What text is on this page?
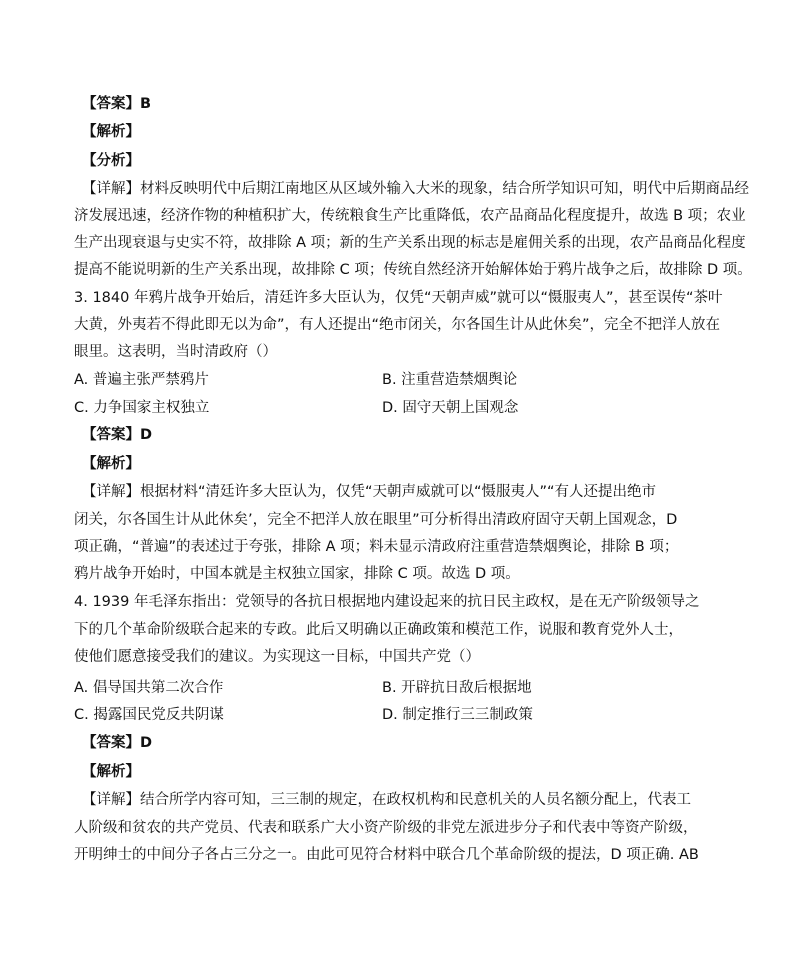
【答案】B
【解析】
【分析】
【详解】材料反映明代中后期江南地区从区域外输入大米的现象，结合所学知识可知，明代中后期商品经
济发展迅速，经济作物的种植积扩大，传统粮食生产比重降低，农产品商品化程度提升，故选 B 项；农业
生产出现衰退与史实不符，故排除 A 项；新的生产关系出现的标志是雇佣关系的出现，农产品商品化程度
提高不能说明新的生产关系出现，故排除 C 项；传统自然经济开始解体始于鸦片战争之后，故排除 D 项。
3. 1840 年鸦片战争开始后，清廷许多大臣认为，仅凭“天朝声威”就可以“慑服夷人”，甚至误传“茶叶
大黄，外夷若不得此即无以为命”，有人还提出“绝市闭关，尔各国生计从此休矣”，完全不把洋人放在
眼里。这表明，当时清政府（）
A. 普遍主张严禁鸦片	B. 注重营造禁烟舆论
C. 力争国家主权独立	D. 固守天朝上国观念
【答案】D
【解析】
【详解】根据材料“清廷许多大臣认为，仅凭“天朝声威就可以“慑服夷人”“有人还提出绝市
闭关，尔各国生计从此休矣’，完全不把洋人放在眼里”可分析得出清政府固守天朝上国观念，D
项正确，“普遍”的表述过于夸张，排除 A 项；料未显示清政府注重营造禁烟舆论，排除 B 项；
鸦片战争开始时，中国本就是主权独立国家，排除 C 项。故选 D 项。
4. 1939 年毛泽东指出：党领导的各抗日根据地内建设起来的抗日民主政权，是在无产阶级领导之
下的几个革命阶级联合起来的专政。此后又明确以正确政策和模范工作，说服和教育党外人士，
使他们愿意接受我们的建议。为实现这一目标，中国共产党（）
A. 倡导国共第二次合作	B. 开辟抗日敌后根据地
C. 揭露国民党反共阴谋	D. 制定推行三三制政策
【答案】D
【解析】
【详解】结合所学内容可知，三三制的规定，在政权机构和民意机关的人员名额分配上，代表工
人阶级和贫农的共产党员、代表和联系广大小资产阶级的非党左派进步分子和代表中等资产阶级，
开明绅士的中间分子各占三分之一。由此可见符合材料中联合几个革命阶级的提法，D 项正确. AB
